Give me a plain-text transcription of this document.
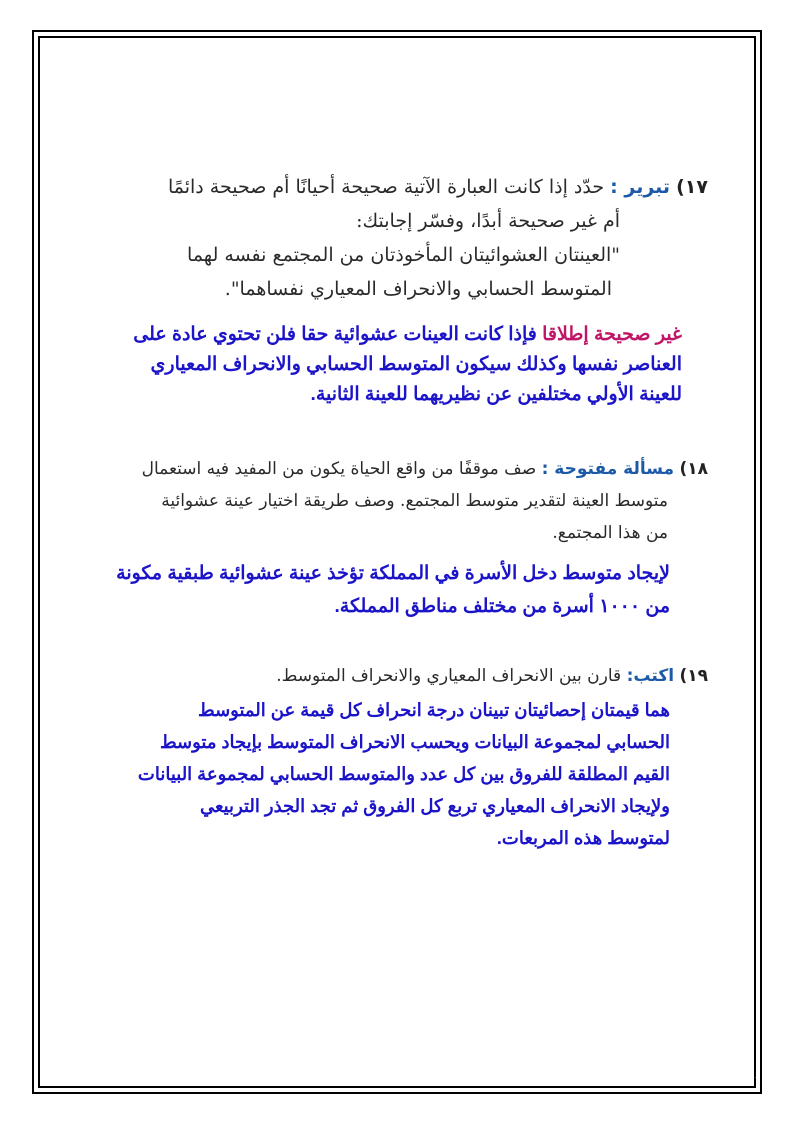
١٧) تبرير : حدّد إذا كانت العبارة الآتية صحيحة أحيانًا أم صحيحة دائمًا
أم غير صحيحة أبدًا، وفسّر إجابتك:
"العينتان العشوائيتان المأخوذتان من المجتمع نفسه لهما
المتوسط الحسابي والانحراف المعياري نفساهما".
غير صحيحة إطلاقا فإذا كانت العينات عشوائية حقا فلن تحتوي عادة على
العناصر نفسها وكذلك سيكون المتوسط الحسابي والانحراف المعياري
للعينة الأولي مختلفين عن نظيريهما للعينة الثانية.
١٨) مسألة مفتوحة : صف موقفًا من واقع الحياة يكون من المفيد فيه استعمال
متوسط العينة لتقدير متوسط المجتمع. وصف طريقة اختيار عينة عشوائية
من هذا المجتمع.
لإيجاد متوسط دخل الأسرة في المملكة تؤخذ عينة عشوائية طبقية مكونة
من ١٠٠٠ أسرة من مختلف مناطق المملكة.
١٩) اكتب: قارن بين الانحراف المعياري والانحراف المتوسط.
هما قيمتان إحصائيتان تبينان درجة انحراف كل قيمة عن المتوسط
الحسابي لمجموعة البيانات ويحسب الانحراف المتوسط بإيجاد متوسط
القيم المطلقة للفروق بين كل عدد والمتوسط الحسابي لمجموعة البيانات
ولإيجاد الانحراف المعياري تربع كل الفروق ثم تجد الجذر التربيعي
لمتوسط هذه المربعات.
.
